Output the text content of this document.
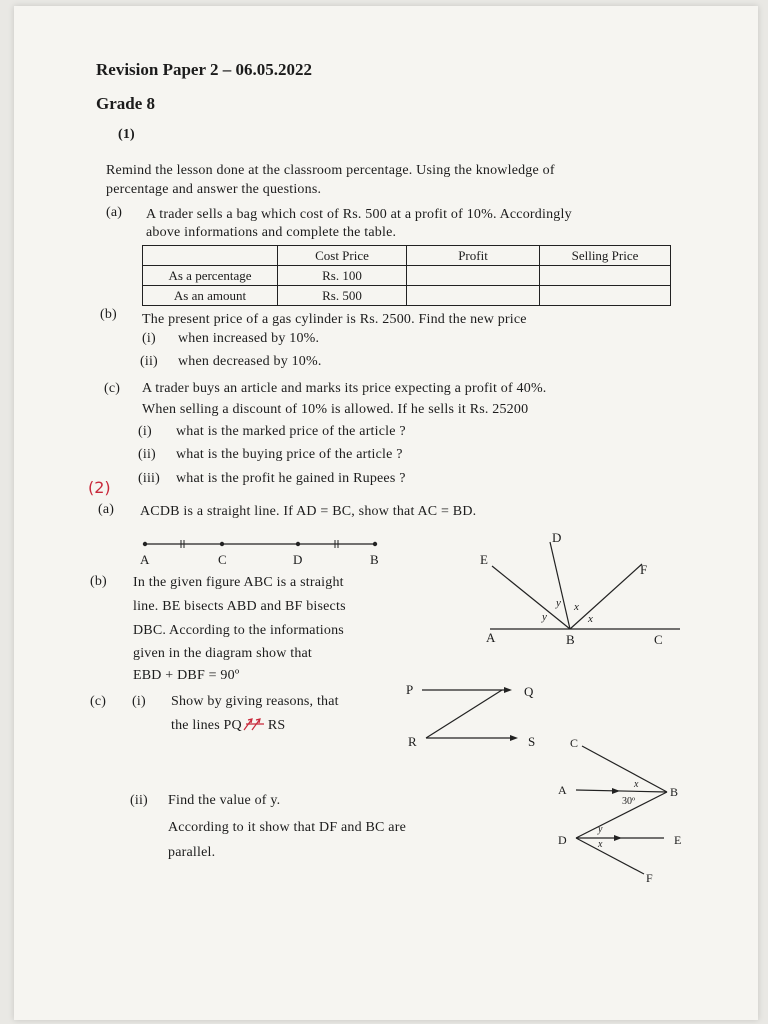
Revision Paper 2 – 06.05.2022
Grade 8
(1)
Remind the lesson done at the classroom percentage. Using the knowledge of
percentage and answer the questions.
(a) A trader sells a bag which cost of Rs. 500 at a profit of 10%. Accordingly
above informations and complete the table.
	Cost Price	Profit	Selling Price
As a percentage	Rs. 100		
As an amount	Rs. 500		
(b) The present price of a gas cylinder is Rs. 2500. Find the new price
(i) when increased by 10%.
(ii) when decreased by 10%.
(c) A trader buys an article and marks its price expecting a profit of 40%.
When selling a discount of 10% is allowed. If he sells it Rs. 25200
(i) what is the marked price of the article ?
(ii) what is the buying price of the article ?
(iii) what is the profit he gained in Rupees ?
(2)
(a) ACDB is a straight line. If AD = BC, show that AC = BD.
A	C	D	B
(b) In the given figure ABC is a straight
line. BE bisects ABD and BF bisects
DBC. According to the informations
given in the diagram show that
EBD + DBF = 90º
D
E
F
A	B	C
y
y
x
x
(c) (i) Show by giving reasons, that
the lines PQ RS
P	Q
R	S
(ii) Find the value of y.
According to it show that DF and BC are
parallel.
C
A	B
D	E
F
30º
x
y
x
